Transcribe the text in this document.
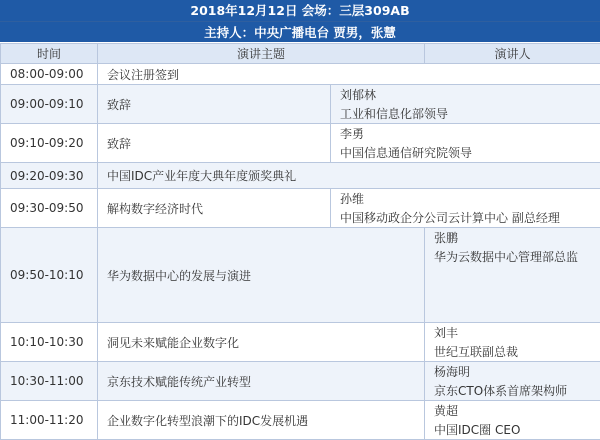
2018年12月12日 会场：三层309AB
主持人：中央广播电台 贾男，张慧
时间	演讲主题		演讲人
08:00-09:00	会议注册签到		
09:00-09:10	致辞	刘郁林
工业和信息化部领导	

09:10-09:20	致辞	李勇
中国信息通信研究院领导	

09:20-09:30	中国IDC产业年度大典年度颁奖典礼		
09:30-09:50	解构数字经济时代	孙维
中国移动政企分公司云计算中心 副总经理	

09:50-10:10	华为数据中心的发展与演进		张鹏
华为云数据中心管理部总监

10:10-10:30	洞见未来赋能企业数字化		刘丰
世纪互联副总裁

10:30-11:00	京东技术赋能传统产业转型		杨海明
京东CTO体系首席架构师

11:00-11:20	企业数字化转型浪潮下的IDC发展机遇		黄超
中国IDC圈 CEO
